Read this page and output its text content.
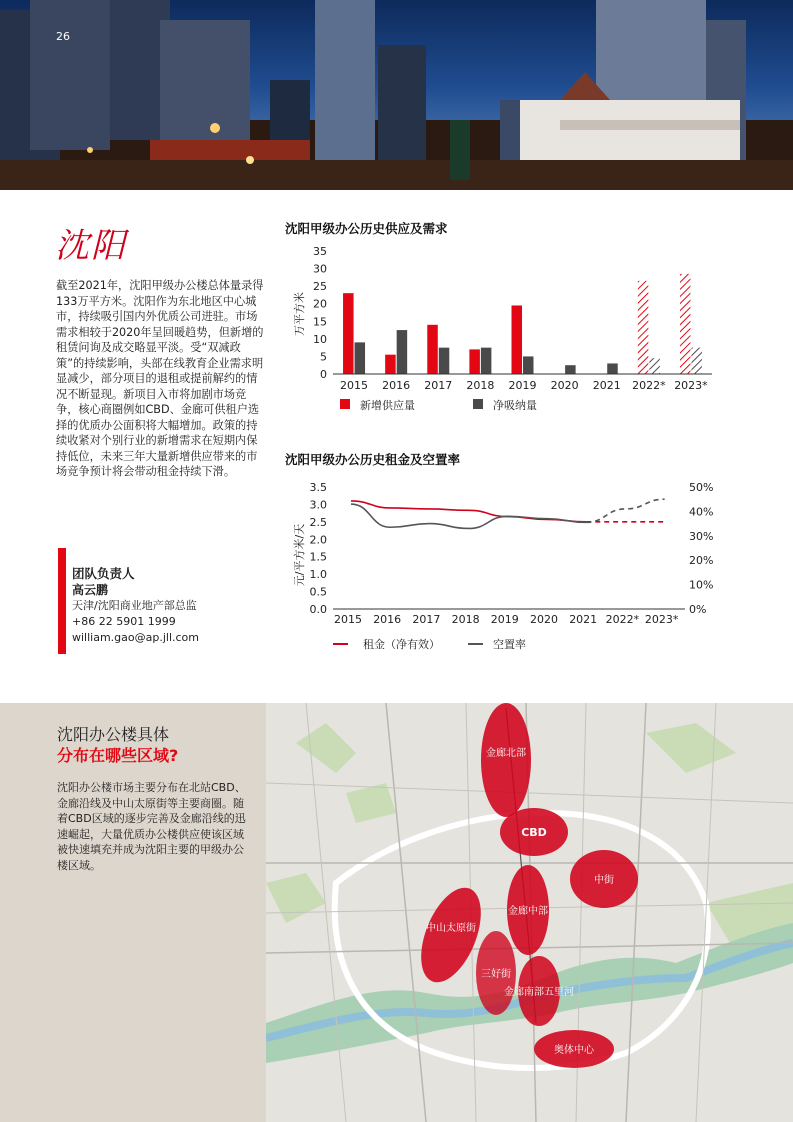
26
沈阳
截至2021年，沈阳甲级办公楼总体量录得133万平方米。沈阳作为东北地区中心城市，持续吸引国内外优质公司进驻。市场需求相较于2020年呈回暖趋势，但新增的租赁问询及成交略显平淡。受“双减政策”的持续影响，头部在线教育企业需求明显减少，部分项目的退租或提前解约的情况不断显现。新项目入市将加剧市场竞争，核心商圈例如CBD、金廊可供租户选择的优质办公面积将大幅增加。政策的持续收紧对个别行业的新增需求在短期内保持低位，未来三年大量新增供应带来的市场竞争预计将会带动租金持续下滑。
团队负责人
高云鹏
天津/沈阳商业地产部总监
+86 22 5901 1999
william.gao@ap.jll.com
沈阳甲级办公历史供应及需求
万平方米
0
5
10
15
20
25
30
35
2015 2016 2017 2018 2019 2020 2021 2022* 2023*
新增供应量	净吸纳量
沈阳甲级办公历史租金及空置率
元/平方米/天
0.0
0.5
1.0
1.5
2.0
2.5
3.0
3.5
0%
10%
20%
30%
40%
50%
2015 2016 2017 2018 2019 2020 2021 2022* 2023*
租金（净有效）	空置率
沈阳办公楼具体
分布在哪些区域?
沈阳办公楼市场主要分布在北站CBD、金廊沿线及中山太原街等主要商圈。随着CBD区域的逐步完善及金廊沿线的迅速崛起，大量优质办公楼供应使该区域被快速填充并成为沈阳主要的甲级办公楼区域。
金廊北部
CBD
中街
金廊中部
中山太原街
三好街
金廊南部五里河
奥体中心
